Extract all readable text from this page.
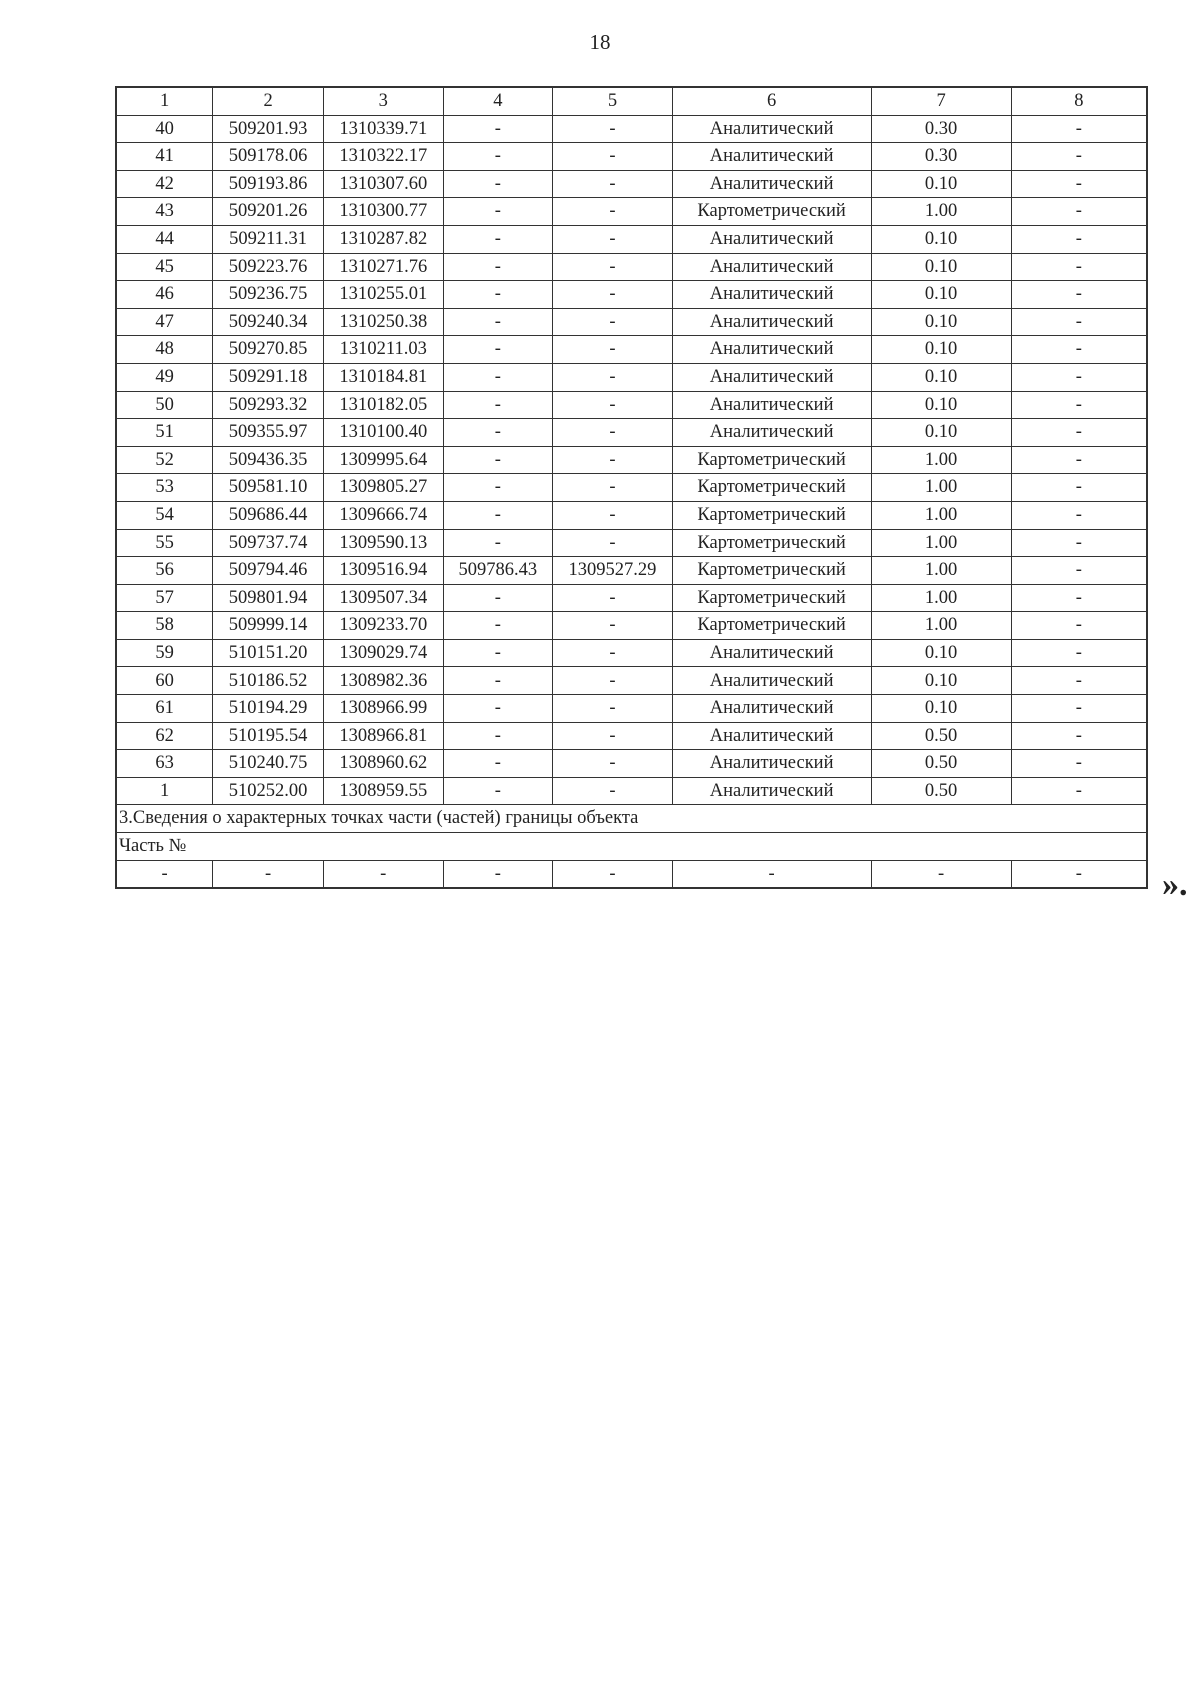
18
1	2	3	4	5	6	7	8
40	509201.93	1310339.71	-	-	Аналитический	0.30	-
41	509178.06	1310322.17	-	-	Аналитический	0.30	-
42	509193.86	1310307.60	-	-	Аналитический	0.10	-
43	509201.26	1310300.77	-	-	Картометрический	1.00	-
44	509211.31	1310287.82	-	-	Аналитический	0.10	-
45	509223.76	1310271.76	-	-	Аналитический	0.10	-
46	509236.75	1310255.01	-	-	Аналитический	0.10	-
47	509240.34	1310250.38	-	-	Аналитический	0.10	-
48	509270.85	1310211.03	-	-	Аналитический	0.10	-
49	509291.18	1310184.81	-	-	Аналитический	0.10	-
50	509293.32	1310182.05	-	-	Аналитический	0.10	-
51	509355.97	1310100.40	-	-	Аналитический	0.10	-
52	509436.35	1309995.64	-	-	Картометрический	1.00	-
53	509581.10	1309805.27	-	-	Картометрический	1.00	-
54	509686.44	1309666.74	-	-	Картометрический	1.00	-
55	509737.74	1309590.13	-	-	Картометрический	1.00	-
56	509794.46	1309516.94	509786.43	1309527.29	Картометрический	1.00	-
57	509801.94	1309507.34	-	-	Картометрический	1.00	-
58	509999.14	1309233.70	-	-	Картометрический	1.00	-
59	510151.20	1309029.74	-	-	Аналитический	0.10	-
60	510186.52	1308982.36	-	-	Аналитический	0.10	-
61	510194.29	1308966.99	-	-	Аналитический	0.10	-
62	510195.54	1308966.81	-	-	Аналитический	0.50	-
63	510240.75	1308960.62	-	-	Аналитический	0.50	-
1	510252.00	1308959.55	-	-	Аналитический	0.50	-
3.Сведения о характерных точках части (частей) границы объекта							
Часть №							
-	-	-	-	-	-	-	- ».
